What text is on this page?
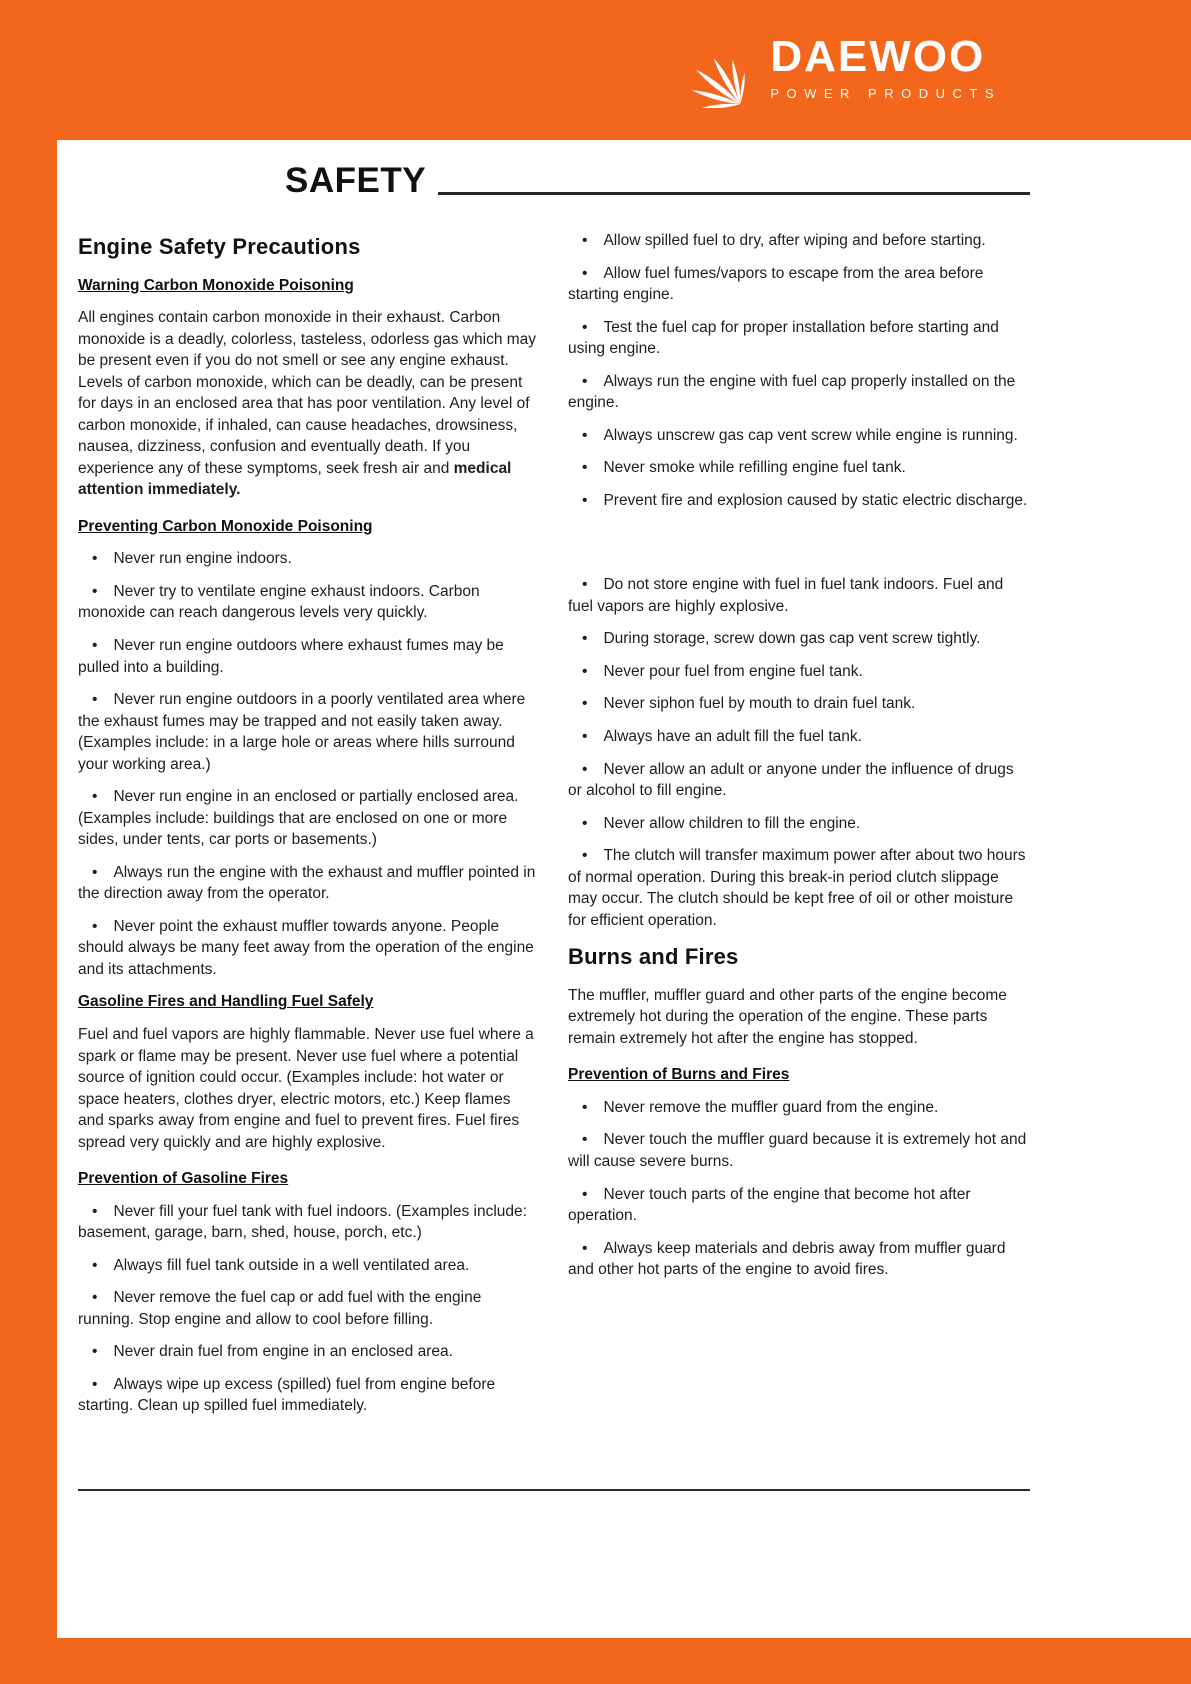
DAEWOO
POWER PRODUCTS
SAFETY
Engine Safety Precautions
Warning Carbon Monoxide Poisoning

All engines contain carbon monoxide in their exhaust. Carbon monoxide is a deadly, colorless, tasteless, odorless gas which may be present even if you do not smell or see any engine exhaust. Levels of carbon monoxide, which can be deadly, can be present for days in an enclosed area that has poor ventilation. Any level of carbon monoxide, if inhaled, can cause headaches, drowsiness, nausea, dizziness, confusion and eventually death. If you experience any of these symptoms, seek fresh air and medical attention immediately.

Preventing Carbon Monoxide Poisoning

• Never run engine indoors.

• Never try to ventilate engine exhaust indoors. Carbon monoxide can reach dangerous levels very quickly.

• Never run engine outdoors where exhaust fumes may be pulled into a building.

• Never run engine outdoors in a poorly ventilated area where the exhaust fumes may be trapped and not easily taken away. (Examples include: in a large hole or areas where hills surround your working area.)

• Never run engine in an enclosed or partially enclosed area. (Examples include: buildings that are enclosed on one or more sides, under tents, car ports or basements.)

• Always run the engine with the exhaust and muffler pointed in the direction away from the operator.

• Never point the exhaust muffler towards anyone. People should always be many feet away from the operation of the engine and its attachments.

Gasoline Fires and Handling Fuel Safely

Fuel and fuel vapors are highly flammable. Never use fuel where a spark or flame may be present. Never use fuel where a potential source of ignition could occur. (Examples include: hot water or space heaters, clothes dryer, electric motors, etc.) Keep flames and sparks away from engine and fuel to prevent fires. Fuel fires spread very quickly and are highly explosive.

Prevention of Gasoline Fires

• Never fill your fuel tank with fuel indoors. (Examples include: basement, garage, barn, shed, house, porch, etc.)

• Always fill fuel tank outside in a well ventilated area.

• Never remove the fuel cap or add fuel with the engine running. Stop engine and allow to cool before filling.

• Never drain fuel from engine in an enclosed area.

• Always wipe up excess (spilled) fuel from engine before starting. Clean up spilled fuel immediately.

• Allow spilled fuel to dry, after wiping and before starting.

• Allow fuel fumes/vapors to escape from the area before starting engine.

• Test the fuel cap for proper installation before starting and using engine.

• Always run the engine with fuel cap properly installed on the engine.

• Always unscrew gas cap vent screw while engine is running.

• Never smoke while refilling engine fuel tank.

• Prevent fire and explosion caused by static electric discharge.

• Do not store engine with fuel in fuel tank indoors. Fuel and fuel vapors are highly explosive.

• During storage, screw down gas cap vent screw tightly.

• Never pour fuel from engine fuel tank.

• Never siphon fuel by mouth to drain fuel tank.

• Always have an adult fill the fuel tank.

• Never allow an adult or anyone under the influence of drugs or alcohol to fill engine.

• Never allow children to fill the engine.

• The clutch will transfer maximum power after about two hours of normal operation. During this break-in period clutch slippage may occur. The clutch should be kept free of oil or other moisture for efficient operation.

Burns and Fires

The muffler, muffler guard and other parts of the engine become extremely hot during the operation of the engine. These parts remain extremely hot after the engine has stopped.

Prevention of Burns and Fires

• Never remove the muffler guard from the engine.

• Never touch the muffler guard because it is extremely hot and will cause severe burns.

• Never touch parts of the engine that become hot after operation.

• Always keep materials and debris away from muffler guard and other hot parts of the engine to avoid fires.
